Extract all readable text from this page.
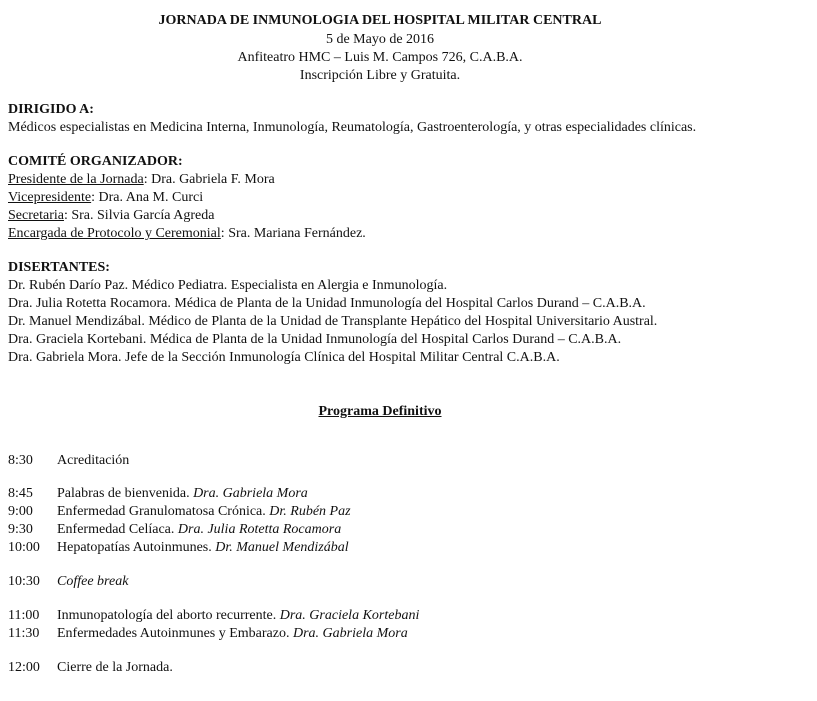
JORNADA DE INMUNOLOGIA DEL HOSPITAL MILITAR CENTRAL
5 de Mayo de 2016
Anfiteatro HMC – Luis M. Campos 726, C.A.B.A.
Inscripción Libre y Gratuita.
DIRIGIDO A:
Médicos especialistas en Medicina Interna, Inmunología, Reumatología, Gastroenterología, y otras especialidades clínicas.
COMITÉ ORGANIZADOR:
Presidente de la Jornada: Dra. Gabriela F. Mora
Vicepresidente: Dra. Ana M. Curci
Secretaria: Sra. Silvia García Agreda
Encargada de Protocolo y Ceremonial: Sra. Mariana Fernández.
DISERTANTES:
Dr. Rubén Darío Paz. Médico Pediatra. Especialista en Alergia e Inmunología.
Dra. Julia Rotetta Rocamora. Médica de Planta de la Unidad Inmunología del Hospital Carlos Durand – C.A.B.A.
Dr. Manuel Mendizábal. Médico de Planta de la Unidad de Transplante Hepático del Hospital Universitario Austral.
Dra. Graciela Kortebani. Médica de Planta de la Unidad Inmunología del Hospital Carlos Durand – C.A.B.A.
Dra. Gabriela Mora. Jefe de la Sección Inmunología Clínica del Hospital Militar Central C.A.B.A.
Programa Definitivo
8:30 Acreditación
8:45 Palabras de bienvenida. Dra. Gabriela Mora
9:00 Enfermedad Granulomatosa Crónica. Dr. Rubén Paz
9:30 Enfermedad Celíaca. Dra. Julia Rotetta Rocamora
10:00 Hepatopatías Autoinmunes. Dr. Manuel Mendizábal
10:30 Coffee break
11:00 Inmunopatología del aborto recurrente. Dra. Graciela Kortebani
11:30 Enfermedades Autoinmunes y Embarazo. Dra. Gabriela Mora
12:00 Cierre de la Jornada.
